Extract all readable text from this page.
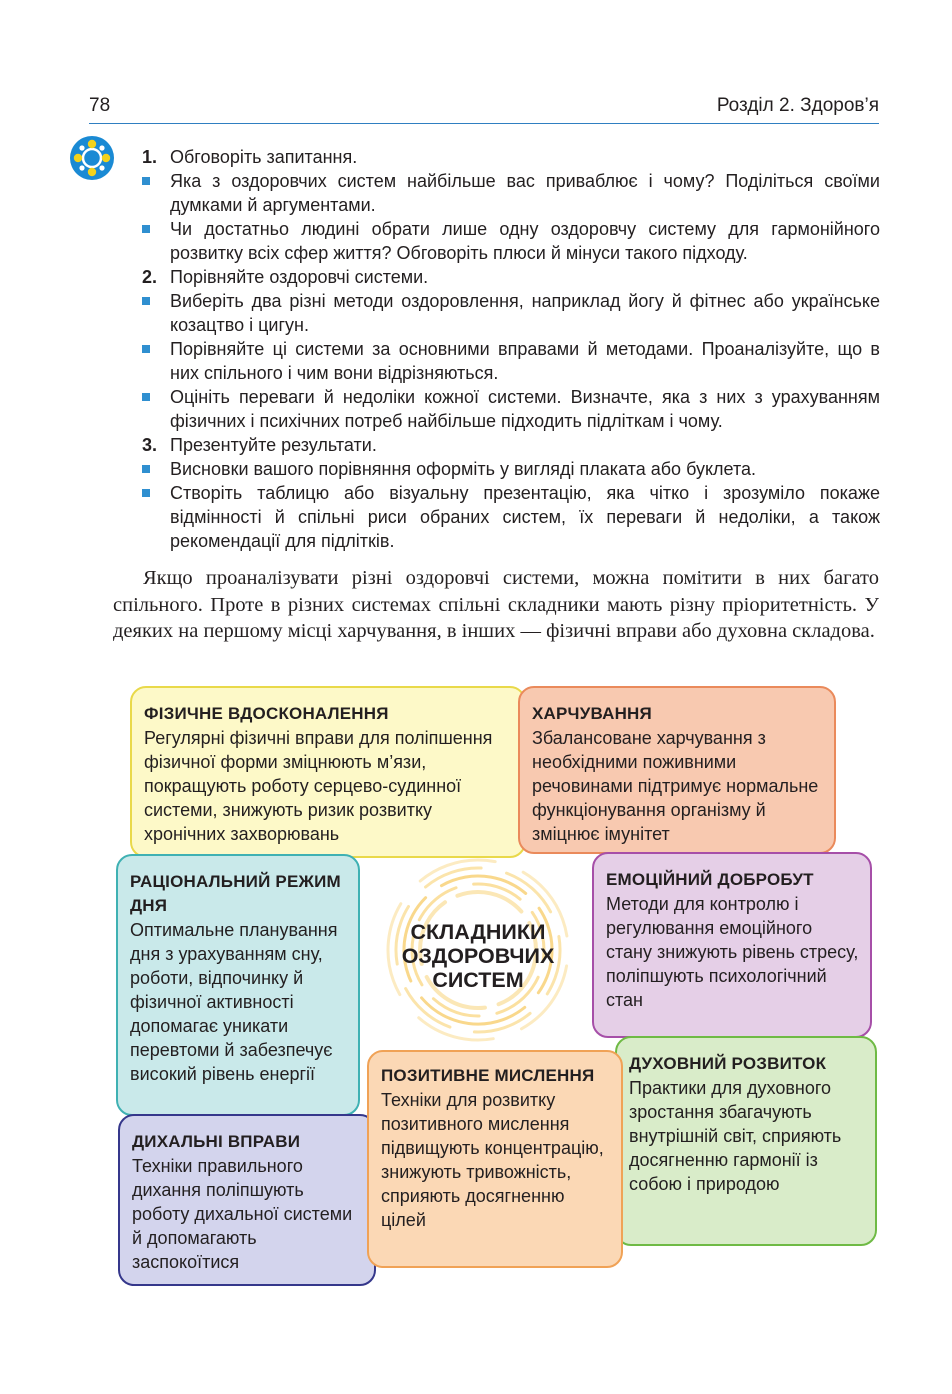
78	Розділ 2. Здоров’я
1. Обговоріть запитання.
Яка з оздоровчих систем найбільше вас приваблює і чому? Поділіться своїми думками й аргументами.
Чи достатньо людині обрати лише одну оздоровчу систему для гармонійного розвитку всіх сфер життя? Обговоріть плюси й мінуси такого підходу.
2. Порівняйте оздоровчі системи.
Виберіть два різні методи оздоровлення, наприклад йогу й фітнес або українське козацтво і цигун.
Порівняйте ці системи за основними вправами й методами. Проаналізуйте, що в них спільного і чим вони відрізняються.
Оцініть переваги й недоліки кожної системи. Визначте, яка з них з урахуванням фізичних і психічних потреб найбільше підходить підліткам і чому.
3. Презентуйте результати.
Висновки вашого порівняння оформіть у вигляді плаката або буклета.
Створіть таблицю або візуальну презентацію, яка чітко і зрозуміло покаже відмінності й спільні риси обраних систем, їх переваги й недоліки, а також рекомендації для підлітків.

Якщо проаналізувати різні оздоровчі системи, можна помітити в них багато спільного. Проте в різних системах спільні складники мають різну пріоритетність. У деяких на першому місці харчування, в інших — фізичні вправи або духовна складова.

ФІЗИЧНЕ ВДОСКОНАЛЕННЯ
Регулярні фізичні вправи для поліпшення фізичної форми зміцнюють м’язи, покращують роботу серцево-судинної системи, знижують ризик розвитку хронічних захворювань
ХАРЧУВАННЯ
Збалансоване харчування з необхідними поживними речовинами підтримує нормальне функціонування організму й зміцнює імунітет
РАЦІОНАЛЬНИЙ РЕЖИМ ДНЯ
Оптимальне планування дня з урахуванням сну, роботи, відпочинку й фізичної активності допомагає уникати перевтоми й забезпечує високий рівень енергії
ЕМОЦІЙНИЙ ДОБРОБУТ
Методи для контролю і регулювання емоційного стану знижують рівень стресу, поліпшують психологічний стан
ДИХАЛЬНІ ВПРАВИ
Техніки правильного дихання поліпшують роботу дихальної системи й допомагають заспокоїтися
ДУХОВНИЙ РОЗВИТОК
Практики для духовного зростання збагачують внутрішній світ, сприяють досягненню гармонії із собою і природою
ПОЗИТИВНЕ МИСЛЕННЯ
Техніки для розвитку позитивного мислення підвищують концентрацію, знижують тривожність, сприяють досягненню цілей
СКЛАДНИКИ ОЗДОРОВЧИХ СИСТЕМ
